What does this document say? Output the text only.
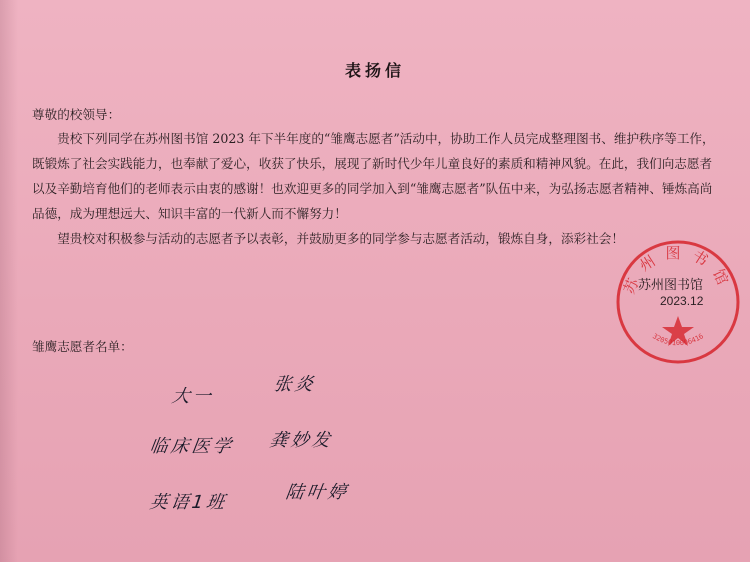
表扬信
尊敬的校领导：

贵校下列同学在苏州图书馆 2023 年下半年度的“雏鹰志愿者”活动中，协助工作人员完成整理图书、维护秩序等工作，既锻炼了社会实践能力，也奉献了爱心，收获了快乐，展现了新时代少年儿童良好的素质和精神风貌。在此，我们向志愿者以及辛勤培育他们的老师表示由衷的感谢！也欢迎更多的同学加入到“雏鹰志愿者”队伍中来，为弘扬志愿者精神、锤炼高尚品德，成为理想远大、知识丰富的一代新人而不懈努力！

望贵校对积极参与活动的志愿者予以表彰，并鼓励更多的同学参与志愿者活动，锻炼自身，添彩社会！

苏州图书馆
3205010006416
苏州图书馆
2023.12
雏鹰志愿者名单：
大一
张炎
临床医学 龚妙发
英语1班	陆叶婷
